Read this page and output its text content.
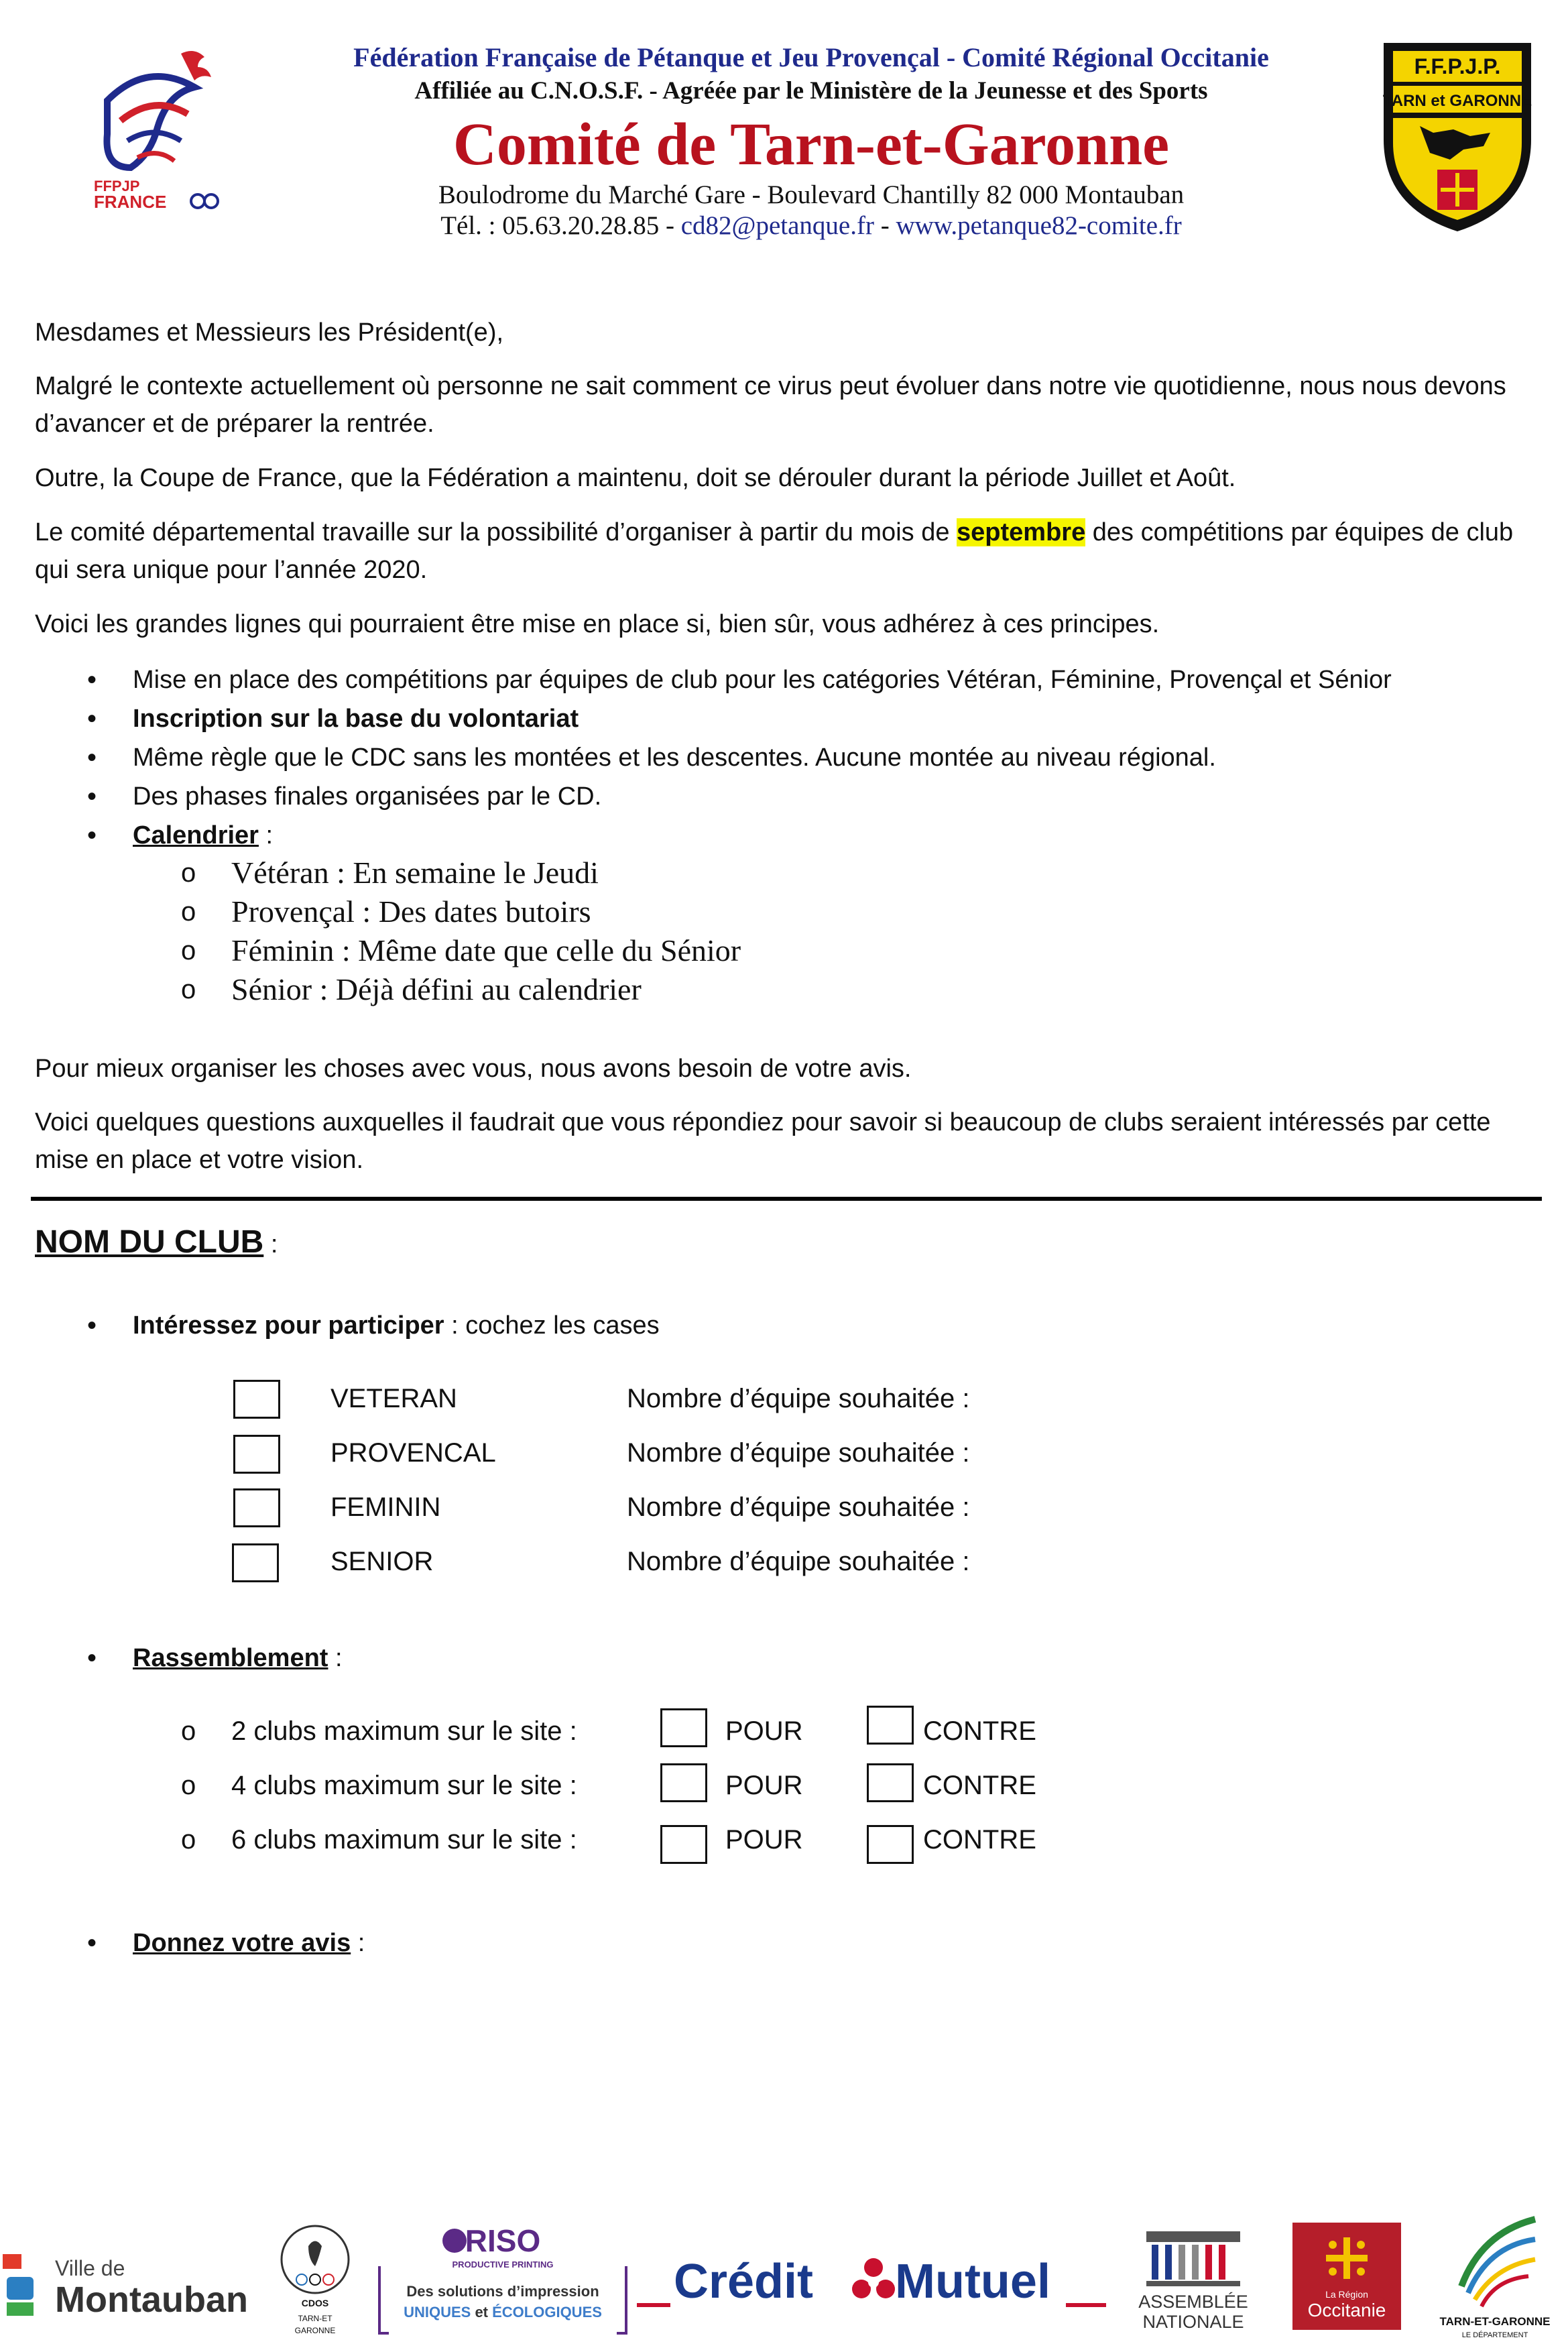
FFPJP
FRANCE
Fédération Française de Pétanque et Jeu Provençal - Comité Régional Occitanie
Affiliée au C.N.O.S.F. - Agréée par le Ministère de la Jeunesse et des Sports
Comité de Tarn-et-Garonne
Boulodrome du Marché Gare - Boulevard Chantilly 82 000 Montauban
Tél. : 05.63.20.28.85 - cd82@petanque.fr - www.petanque82-comite.fr
F.F.P.J.P.
TARN et GARONNE
Mesdames et Messieurs les Président(e),
Malgré le contexte actuellement où personne ne sait comment ce virus peut évoluer dans notre vie quotidienne, nous nous devons d’avancer et de préparer la rentrée.
Outre, la Coupe de France, que la Fédération a maintenu, doit se dérouler durant la période Juillet et Août.
Le comité départemental travaille sur la possibilité d’organiser à partir du mois de septembre des compétitions par équipes de club qui sera unique pour l’année 2020.
Voici les grandes lignes qui pourraient être mise en place si, bien sûr, vous adhérez à ces principes.
•	Mise en place des compétitions par équipes de club pour les catégories Vétéran, Féminine, Provençal et Sénior
•	Inscription sur la base du volontariat
•	Même règle que le CDC sans les montées et les descentes. Aucune montée au niveau régional.
•	Des phases finales organisées par le CD.
•	Calendrier :
o Vétéran : En semaine le Jeudi
o Provençal : Des dates butoirs
o Féminin : Même date que celle du Sénior
o Sénior : Déjà défini au calendrier
Pour mieux organiser les choses avec vous, nous avons besoin de votre avis.
Voici quelques questions auxquelles il faudrait que vous répondiez pour savoir si beaucoup de clubs seraient intéressés par cette mise en place et votre vision.
NOM DU CLUB :
•	Intéressez pour participer : cochez les cases
VETERAN	Nombre d’équipe souhaitée :
PROVENCAL	Nombre d’équipe souhaitée :
FEMININ	Nombre d’équipe souhaitée :
SENIOR	Nombre d’équipe souhaitée :
•	Rassemblement :
o 2 clubs maximum sur le site :	POUR	CONTRE
o 4 clubs maximum sur le site :	POUR	CONTRE
o 6 clubs maximum sur le site :	POUR	CONTRE
•	Donnez votre avis :
Ville de
Montauban	CDOS
TARN-ET
GARONNE
RISO
PRODUCTIVE PRINTING
Des solutions d’impression
UNIQUES et ÉCOLOGIQUES
Crédit Mutuel	ASSEMBLÉE
NATIONALE
La Région
Occitanie
TARN-ET-GARONNE
LE DÉPARTEMENT
